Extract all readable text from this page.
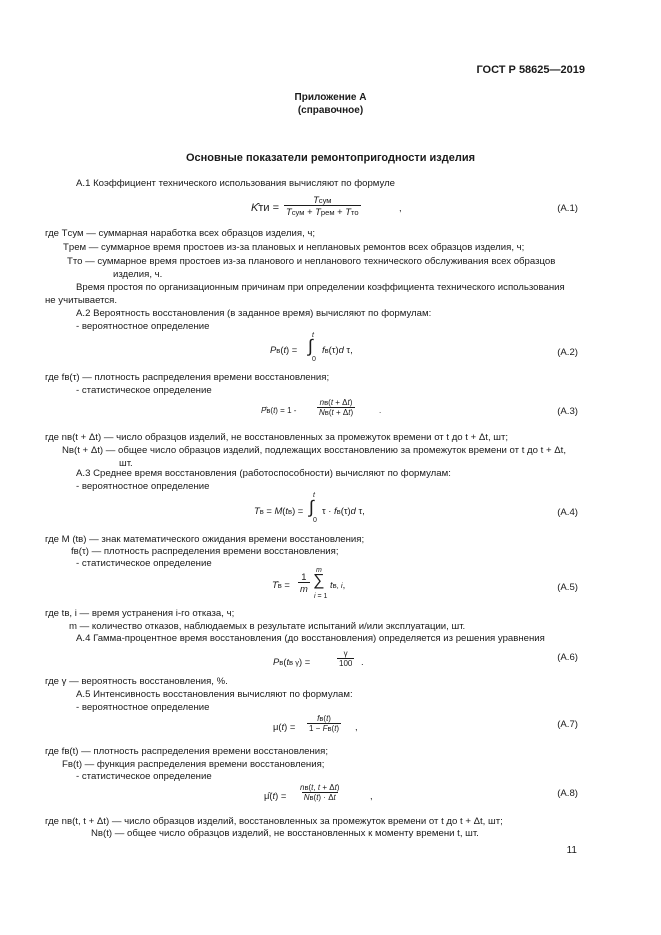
ГОСТ Р 58625—2019
Приложение А
(справочное)
Основные показатели ремонтопригодности изделия
А.1 Коэффициент технического использования вычисляют по формуле
K̂ти =
Tсум
Tсум + Tрем + Tто	,	(А.1)
где Tсум — суммарная наработка всех образцов изделия, ч;
Tрем — суммарное время простоев из-за плановых и неплановых ремонтов всех образцов изделия, ч;
Tто — суммарное время простоев из-за планового и непланового технического обслуживания всех образцов
изделия, ч.
Время простоя по организационным причинам при определении коэффициента технического использования
не учитывается.
А.2 Вероятность восстановления (в заданное время) вычисляют по формулам:
- вероятностное определение
Pв(t) =
t
∫
0
fв(τ)d τ,	(А.2)
где fв(τ) — плотность распределения времени восстановления;
- статистическое определение
Pв(t) = 1 -
nв(t + Δt)
Nв(t + Δt)	.	(А.3)
где nв(t + Δt) — число образцов изделий, не восстановленных за промежуток времени от t до t + Δt, шт;
Nв(t + Δt) — общее число образцов изделий, подлежащих восстановлению за промежуток времени от t до t + Δt,
шт.
А.3 Среднее время восстановления (работоспособности) вычисляют по формулам:
- вероятностное определение
Tв = M(tв) =
t
∫
0
τ · fв(τ)d τ,	(А.4)
где M (tв) — знак математического ожидания времени восстановления;
fв(τ) — плотность распределения времени восстановления;
- статистическое определение
Tв = $\frac{1}{m}$
m
∑
i = 1
tв, i,	(А.5)
где tв, i — время устранения i-го отказа, ч;
m — количество отказов, наблюдаемых в результате испытаний и/или эксплуатации, шт.
А.4 Гамма-процентное время восстановления (до восстановления) определяется из решения уравнения
Pв(tв γ) =	$\frac{\gamma}{100}$ .	(А.6)
где γ — вероятность восстановления, %.
А.5 Интенсивность восстановления вычисляют по формулам:
- вероятностное определение
μ(t) =
fв(t)
1 − Fв(t) ,	(А.7)
где fв(t) — плотность распределения времени восстановления;
Fв(t) — функция распределения времени восстановления;
- статистическое определение
μ̂(t) =
nв(t, t + Δt)
Nв(t) · Δt	,	(А.8)
где nв(t, t + Δt) — число образцов изделий, восстановленных за промежуток времени от t до t + Δt, шт;
Nв(t) — общее число образцов изделий, не восстановленных к моменту времени t, шт.
11
